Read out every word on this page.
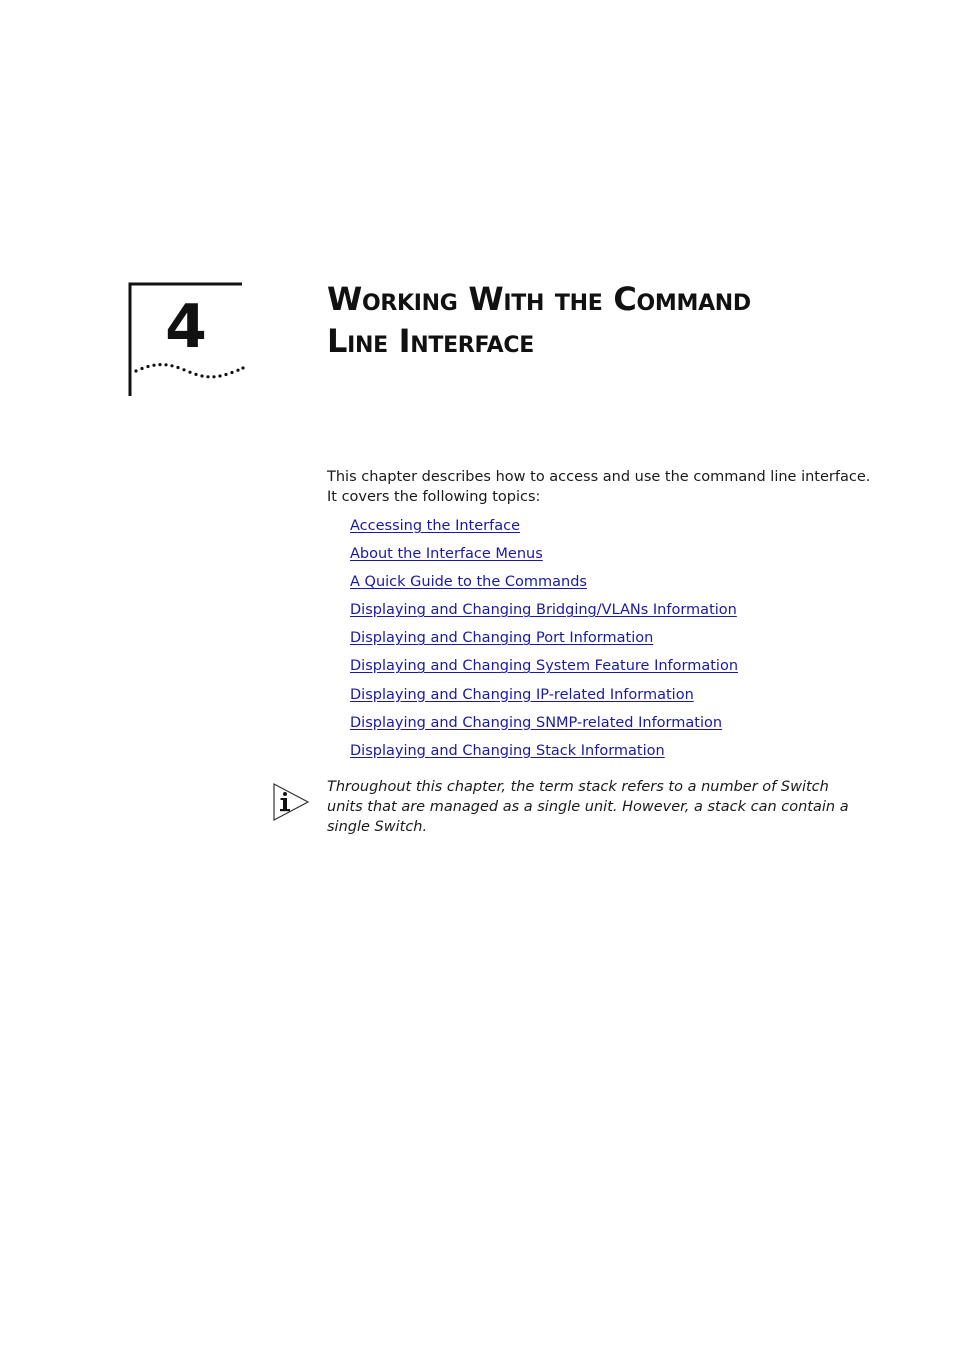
4	Working With the Command
Line Interface

This chapter describes how to access and use the command line interface.
It covers the following topics:

Accessing the Interface
About the Interface Menus
A Quick Guide to the Commands
Displaying and Changing Bridging/VLANs Information
Displaying and Changing Port Information
Displaying and Changing System Feature Information
Displaying and Changing IP-related Information
Displaying and Changing SNMP-related Information
Displaying and Changing Stack Information

Throughout this chapter, the term stack refers to a number of Switch units that are managed as a single unit. However, a stack can contain a single Switch.
